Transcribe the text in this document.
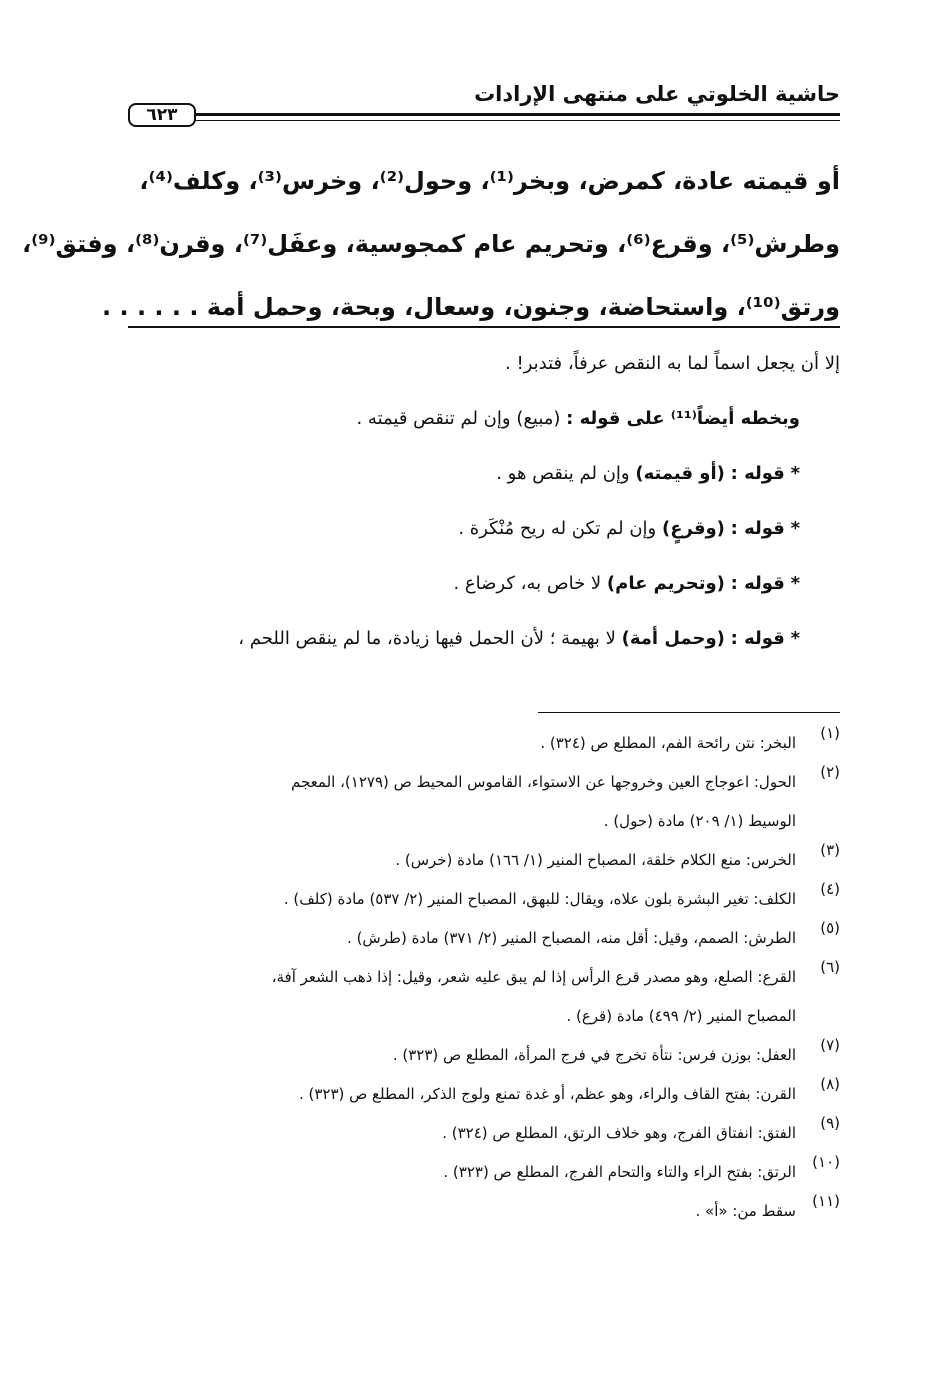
حاشية الخلوتي على منتهى الإرادات
٦٢٣
أو قيمته عادة، كمرض، وبخر⁽¹⁾، وحول⁽²⁾، وخرس⁽³⁾، وكلف⁽⁴⁾،
وطرش⁽⁵⁾، وقرع⁽⁶⁾، وتحريم عام كمجوسية، وعفَل⁽⁷⁾، وقرن⁽⁸⁾، وفتق⁽⁹⁾،
ورتق⁽¹⁰⁾، واستحاضة، وجنون، وسعال، وبحة، وحمل أمة . . . . . .
إلا أن يجعل اسماً لما به النقص عرفاً، فتدبر! .
وبخطه أيضاً⁽¹¹⁾ على قوله : (مبيع) وإن لم تنقص قيمته .
* قوله : (أو قيمته) وإن لم ينقص هو .
* قوله : (وقرعٍ) وإن لم تكن له ريح مُنْكَرة .
* قوله : (وتحريم عام) لا خاص به، كرضاع .
* قوله : (وحمل أمة) لا بهيمة ؛ لأن الحمل فيها زيادة، ما لم ينقص اللحم ،
(١)
البخر: نتن رائحة الفم، المطلع ص (٣٢٤) .
(٢)
الحول: اعوجاج العين وخروجها عن الاستواء، القاموس المحيط ص (١٢٧٩)، المعجم
الوسيط (١/ ٢٠٩) مادة (حول) .
(٣)
الخرس: منع الكلام خلقة، المصباح المنير (١/ ١٦٦) مادة (خرس) .
(٤)
الكلف: تغير البشرة بلون علاه، ويقال: للبهق، المصباح المنير (٢/ ٥٣٧) مادة (كلف) .
(٥)
الطرش: الصمم، وقيل: أقل منه، المصباح المنير (٢/ ٣٧١) مادة (طرش) .
(٦)
القرع: الصلع، وهو مصدر قرع الرأس إذا لم يبق عليه شعر، وقيل: إذا ذهب الشعر آفة،
المصباح المنير (٢/ ٤٩٩) مادة (قرع) .
(٧)
العفل: بوزن فرس: نتأة تخرج في فرج المرأة، المطلع ص (٣٢٣) .
(٨)
القرن: بفتح القاف والراء، وهو عظم، أو غدة تمنع ولوج الذكر، المطلع ص (٣٢٣) .
(٩)
الفتق: انفتاق الفرج، وهو خلاف الرتق، المطلع ص (٣٢٤) .
(١٠)
الرتق: بفتح الراء والتاء والتحام الفرج، المطلع ص (٣٢٣) .
(١١)
سقط من: «أ» .
